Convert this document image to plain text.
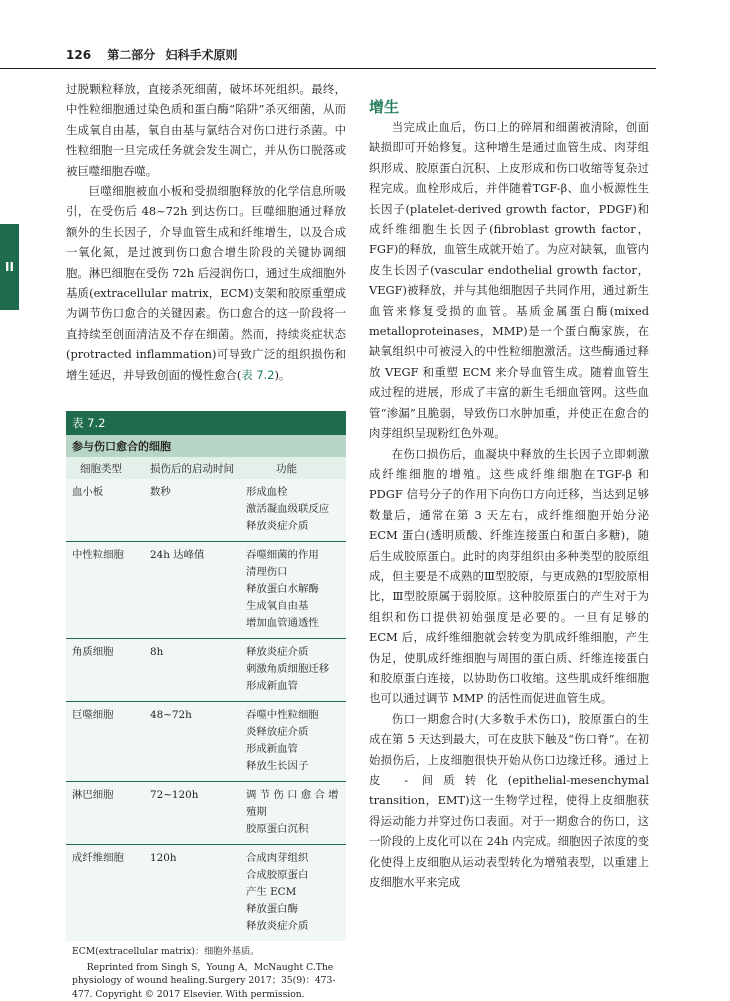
126 第二部分 妇科手术原则
II

过脱颗粒释放，直接杀死细菌，破坏坏死组织。最终，中性粒细胞通过染色质和蛋白酶“陷阱”杀灭细菌，从而生成氧自由基，氧自由基与氯结合对伤口进行杀菌。中性粒细胞一旦完成任务就会发生凋亡，并从伤口脱落或被巨噬细胞吞噬。

巨噬细胞被血小板和受损细胞释放的化学信息所吸引，在受伤后 48~72h 到达伤口。巨噬细胞通过释放额外的生长因子，介导血管生成和纤维增生，以及合成一氧化氮，是过渡到伤口愈合增生阶段的关键协调细胞。淋巴细胞在受伤 72h 后浸润伤口，通过生成细胞外基质(extracellular matrix，ECM)支架和胶原重塑成为调节伤口愈合的关键因素。伤口愈合的这一阶段将一直持续至创面清洁及不存在细菌。然而，持续炎症状态(protracted inflammation)可导致广泛的组织损伤和增生延迟，并导致创面的慢性愈合(表 7.2)。

表 7.2
参与伤口愈合的细胞
细胞类型	损伤后的启动时间	功能
血小板	数秒	形成血栓
激活凝血级联反应
释放炎症介质
中性粒细胞	24h 达峰值	吞噬细菌的作用
清理伤口
释放蛋白水解酶
生成氧自由基
增加血管通透性
角质细胞	8h	释放炎症介质
刺激角质细胞迁移
形成新血管
巨噬细胞	48~72h	吞噬中性粒细胞
炎释放症介质
形成新血管
释放生长因子
淋巴细胞	72~120h	调 节 伤 口 愈 合 增
殖期
胶原蛋白沉积
成纤维细胞	120h	合成肉芽组织
合成胶原蛋白
产生 ECM
释放蛋白酶
释放炎症介质
ECM(extracellular matrix)：细胞外基质。
Reprinted from Singh S，Young A，McNaught C.The physiology of wound healing.Surgery 2017；35(9)：473-477. Copyright © 2017 Elsevier. With permission.
增生

当完成止血后，伤口上的碎屑和细菌被清除，创面缺损即可开始修复。这种增生是通过血管生成、肉芽组织形成、胶原蛋白沉积、上皮形成和伤口收缩等复杂过程完成。血栓形成后，并伴随着TGF-β、血小板源性生长因子(platelet-derived growth factor，PDGF)和成纤维细胞生长因子(fibroblast growth factor，FGF)的释放，血管生成就开始了。为应对缺氧，血管内皮生长因子(vascular endothelial growth factor，VEGF)被释放，并与其他细胞因子共同作用，通过新生血管来修复受损的血管。基质金属蛋白酶(mixed metalloproteinases，MMP)是一个蛋白酶家族，在缺氧组织中可被浸入的中性粒细胞激活。这些酶通过释放 VEGF 和重塑 ECM 来介导血管生成。随着血管生成过程的进展，形成了丰富的新生毛细血管网。这些血管“渗漏”且脆弱，导致伤口水肿加重，并使正在愈合的肉芽组织呈现粉红色外观。

在伤口损伤后，血凝块中释放的生长因子立即刺激成纤维细胞的增殖。这些成纤维细胞在TGF-β 和 PDGF 信号分子的作用下向伤口方向迁移，当达到足够数量后，通常在第 3 天左右，成纤维细胞开始分泌 ECM 蛋白(透明质酸、纤维连接蛋白和蛋白多糖)，随后生成胶原蛋白。此时的肉芽组织由多种类型的胶原组成，但主要是不成熟的Ⅲ型胶原，与更成熟的Ⅰ型胶原相比，Ⅲ型胶原属于弱胶原。这种胶原蛋白的产生对于为组织和伤口提供初始强度是必要的。一旦有足够的 ECM 后，成纤维细胞就会转变为肌成纤维细胞，产生伪足，使肌成纤维细胞与周围的蛋白质、纤维连接蛋白和胶原蛋白连接，以协助伤口收缩。这些肌成纤维细胞也可以通过调节 MMP 的活性而促进血管生成。

伤口一期愈合时(大多数手术伤口)，胶原蛋白的生成在第 5 天达到最大，可在皮肤下触及“伤口脊”。在初始损伤后，上皮细胞很快开始从伤口边缘迁移。通过上皮 - 间质转化(epithelial-mesenchymal transition，EMT)这一生物学过程，使得上皮细胞获得运动能力并穿过伤口表面。对于一期愈合的伤口，这一阶段的上皮化可以在 24h 内完成。细胞因子浓度的变化使得上皮细胞从运动表型转化为增殖表型，以重建上皮细胞水平来完成
